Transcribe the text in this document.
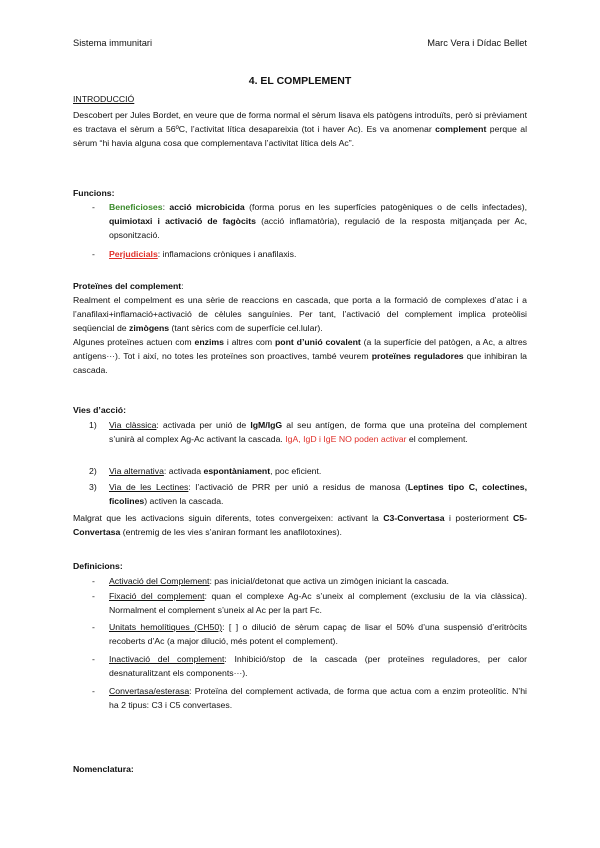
Sistema immunitari	Marc Vera i Dídac Bellet
4. EL COMPLEMENT
INTRODUCCIÓ
Descobert per Jules Bordet, en veure que de forma normal el sèrum lisava els patògens introduïts, però si prèviament es tractava el sèrum a 56ºC, l’activitat lítica desapareixia (tot i haver Ac). Es va anomenar complement perque al sèrum “hi havia alguna cosa que complementava l’activitat lítica dels Ac”.
Funcions:
- Beneficioses: acció microbicida (forma porus en les superfícies patogèniques o de cells infectades), quimiotaxi i activació de fagòcits (acció inflamatòria), regulació de la resposta mitjançada per Ac, opsonització.
- Perjudicials: inflamacions cròniques i anafilaxis.
Proteïnes del complement:
Realment el compelment es una sèrie de reaccions en cascada, que porta a la formació de complexes d’atac i a l’anafilaxi+inflamació+activació de cèlules sanguínies. Per tant, l’activació del complement implica proteòlisi seqüencial de zimògens (tant sèrics com de superfície cel.lular).
Algunes proteïnes actuen com enzims i altres com pont d’unió covalent (a la superfície del patògen, a Ac, a altres antígens···). Tot i així, no totes les proteïnes son proactives, també veurem proteïnes reguladores que inhibiran la cascada.
Vies d’acció:
1) Via clàssica: activada per unió de IgM/IgG al seu antígen, de forma que una proteïna del complement s’unirà al complex Ag-Ac activant la cascada. IgA, IgD i IgE NO poden activar el complement.
2) Via alternativa: activada espontàniament, poc eficient.
3) Via de les Lectines: l’activació de PRR per unió a residus de manosa (Leptines tipo C, colectines, ficolines) activen la cascada.
Malgrat que les activacions siguin diferents, totes convergeixen: activant la C3-Convertasa i posteriorment C5-Convertasa (entremig de les vies s’aniran formant les anafilotoxines).
Definicions:
- Activació del Complement: pas inicial/detonat que activa un zimògen iniciant la cascada.
- Fixació del complement: quan el complexe Ag-Ac s’uneix al complement (exclusiu de la via clàssica). Normalment el complement s’uneix al Ac per la part Fc.
- Unitats hemolítiques (CH50): [ ] o dilució de sèrum capaç de lisar el 50% d’una suspensió d’eritròcits recoberts d’Ac (a major dilució, més potent el complement).
- Inactivació del complement: Inhibició/stop de la cascada (per proteïnes reguladores, per calor desnaturalitzant els components···).
- Convertasa/esterasa: Proteïna del complement activada, de forma que actua com a enzim proteolític. N’hi ha 2 tipus: C3 i C5 convertases.
Nomenclatura:
